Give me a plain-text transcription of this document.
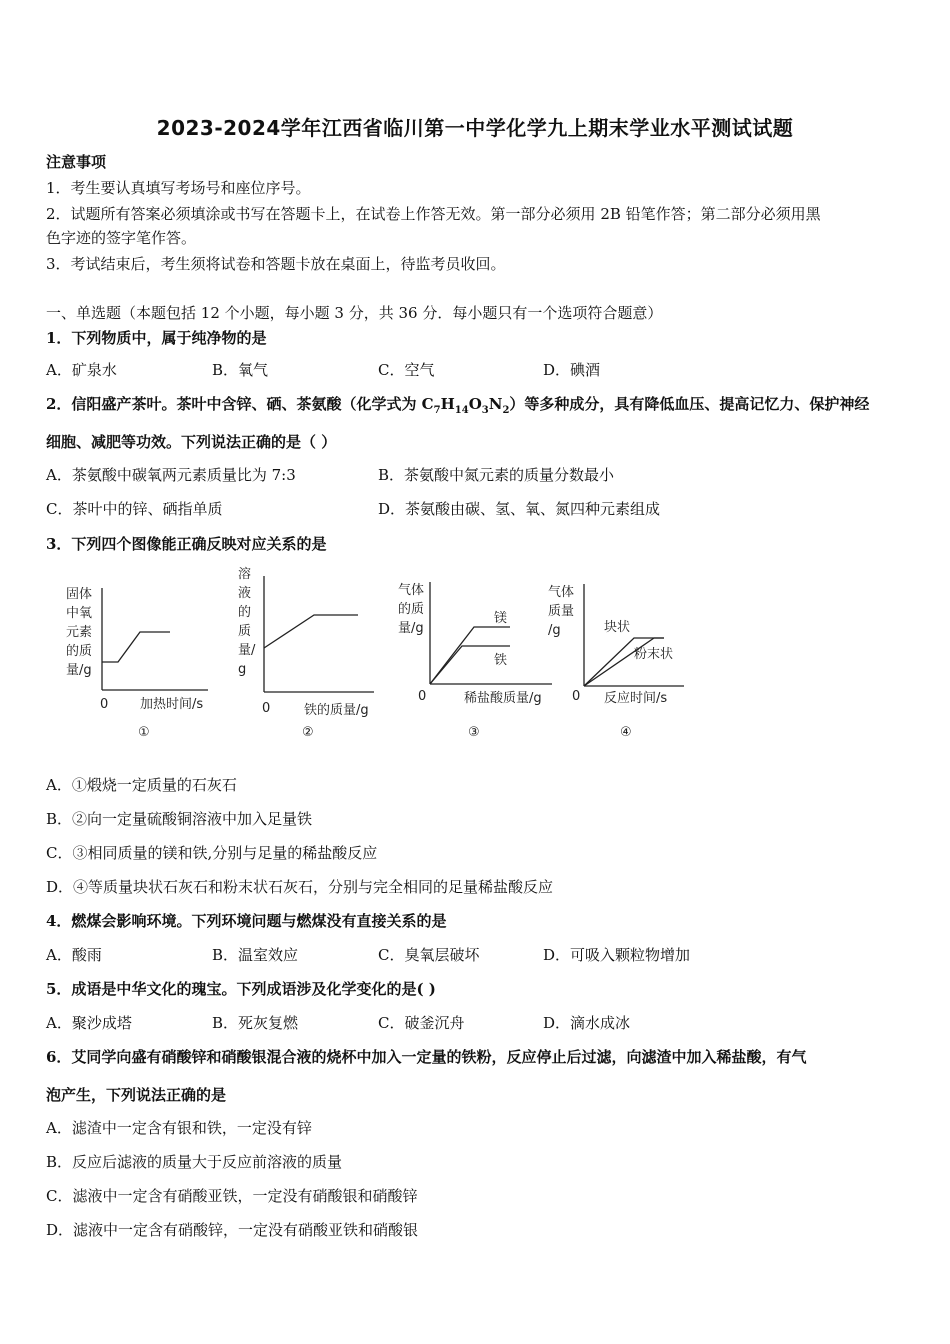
2023-2024学年江西省临川第一中学化学九上期末学业水平测试试题
注意事项
1．考生要认真填写考场号和座位序号。
2．试题所有答案必须填涂或书写在答题卡上，在试卷上作答无效。第一部分必须用 2B 铅笔作答；第二部分必须用黑
色字迹的签字笔作答。
3．考试结束后，考生须将试卷和答题卡放在桌面上，待监考员收回。
一、单选题（本题包括 12 个小题，每小题 3 分，共 36 分．每小题只有一个选项符合题意）
1．下列物质中，属于纯净物的是
A．矿泉水	B．氧气	C．空气	D．碘酒
2．信阳盛产茶叶。茶叶中含锌、硒、茶氨酸（化学式为 $C_7H_{14}O_3N_2$）等多种成分，具有降低血压、提高记忆力、保护神经
细胞、减肥等功效。下列说法正确的是（ ）
A．茶氨酸中碳氧两元素质量比为 7:3	B．茶氨酸中氮元素的质量分数最小
C．茶叶中的锌、硒指单质	D．茶氨酸由碳、氢、氧、氮四种元素组成
3．下列四个图像能正确反映对应关系的是
固体
中氧
元素
的质
量/g
0 加热时间/s
①
溶
液
的
质
量/
g
0	铁的质量/g
②
气体
的质
量/g
镁
铁
0	稀盐酸质量/g
③
气体
质量
/g	块状
粉末状
0 反应时间/s
④
A．①煅烧一定质量的石灰石
B．②向一定量硫酸铜溶液中加入足量铁
C．③相同质量的镁和铁,分别与足量的稀盐酸反应
D．④等质量块状石灰石和粉末状石灰石，分别与完全相同的足量稀盐酸反应
4．燃煤会影响环境。下列环境问题与燃煤没有直接关系的是
A．酸雨	B．温室效应	C．臭氧层破坏	D．可吸入颗粒物增加
5．成语是中华文化的瑰宝。下列成语涉及化学变化的是( )
A．聚沙成塔	B．死灰复燃	C．破釜沉舟	D．滴水成冰
6．艾同学向盛有硝酸锌和硝酸银混合液的烧杯中加入一定量的铁粉，反应停止后过滤，向滤渣中加入稀盐酸，有气
泡产生，下列说法正确的是
A．滤渣中一定含有银和铁，一定没有锌
B．反应后滤液的质量大于反应前溶液的质量
C．滤液中一定含有硝酸亚铁，一定没有硝酸银和硝酸锌
D．滤液中一定含有硝酸锌，一定没有硝酸亚铁和硝酸银
